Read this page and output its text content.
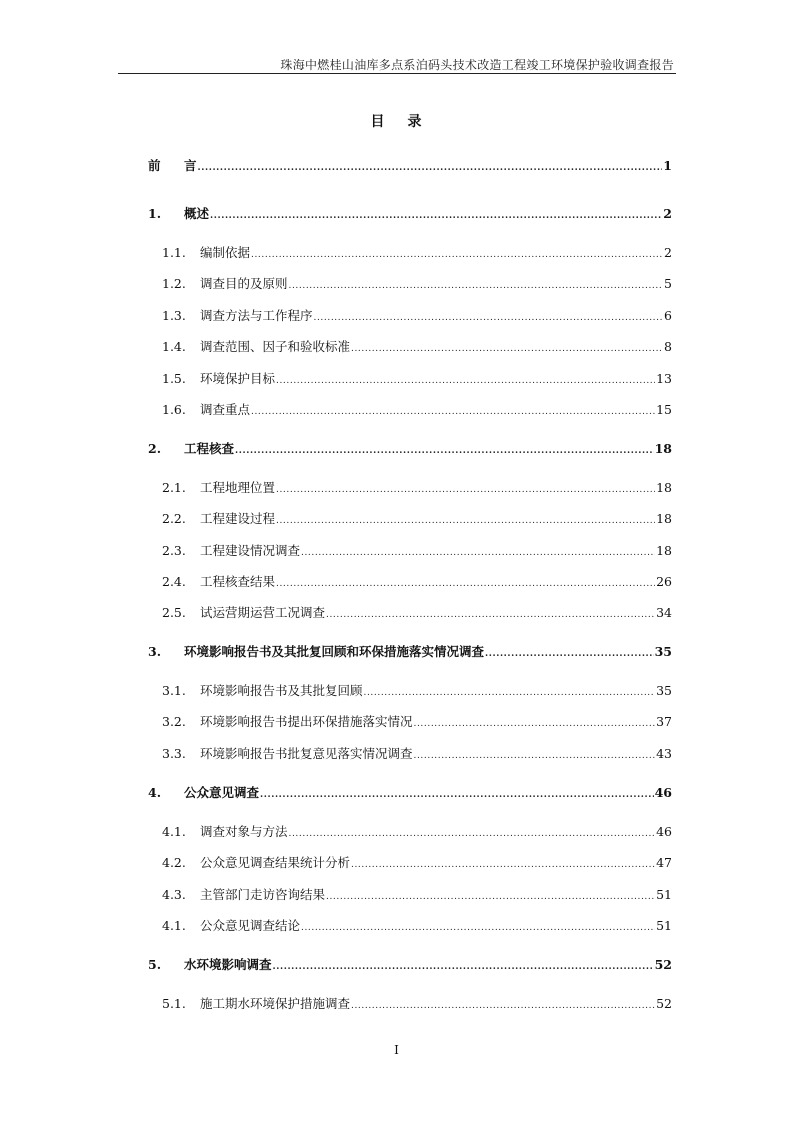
珠海中燃桂山油库多点系泊码头技术改造工程竣工环境保护验收调查报告
目 录
前	言 .....	1
1.	概述 .....	2
1.1.	编制依据 .....	2
1.2.	调查目的及原则 .....	5
1.3.	调查方法与工作程序 .....	6
1.4.	调查范围、因子和验收标准 .....	8
1.5.	环境保护目标 .....	13
1.6.	调查重点 .....	15
2.	工程核查 .....	18
2.1.	工程地理位置 .....	18
2.2.	工程建设过程 .....	18
2.3.	工程建设情况调查 .....	18
2.4.	工程核查结果 .....	26
2.5.	试运营期运营工况调查 .....	34
3.	环境影响报告书及其批复回顾和环保措施落实情况调查 .....	35
3.1.	环境影响报告书及其批复回顾 .....	35
3.2.	环境影响报告书提出环保措施落实情况 .....	37
3.3.	环境影响报告书批复意见落实情况调查 .....	43
4.	公众意见调查 .....	46
4.1.	调查对象与方法 .....	46
4.2.	公众意见调查结果统计分析 .....	47
4.3.	主管部门走访咨询结果 .....	51
4.1.	公众意见调查结论 .....	51
5.	水环境影响调查 .....	52
5.1.	施工期水环境保护措施调查 .....	52
I
